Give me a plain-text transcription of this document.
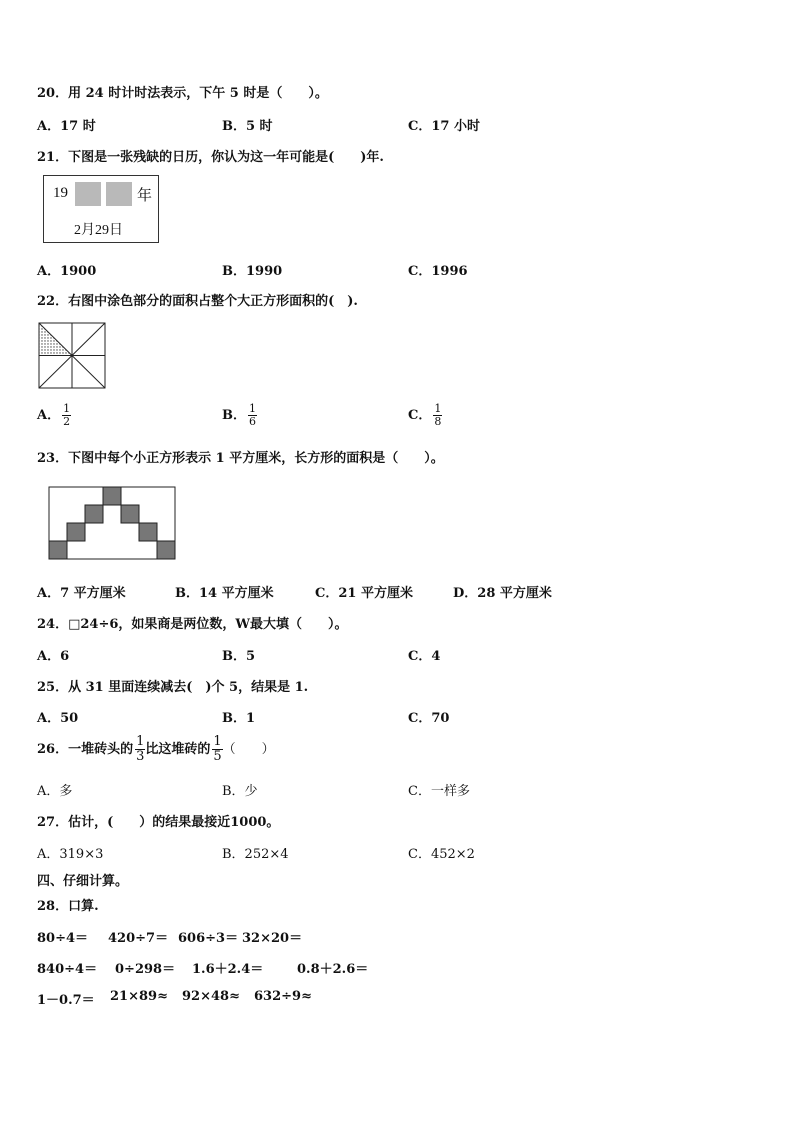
20．用 24 时计时法表示，下午 5 时是（　　）。
A．17 时	B．5 时	C．17 小时
21．下图是一张残缺的日历，你认为这一年可能是(　　)年.
19	年
2月29日
A．1900	B．1990	C．1996
22．右图中涂色部分的面积占整个大正方形面积的(　).
A． $\frac{1}{2}$	B． $\frac{1}{6}$	C． $\frac{1}{8}$
23．下图中每个小正方形表示 1 平方厘米，长方形的面积是（　　）。
A．7 平方厘米	B．14 平方厘米	C．21 平方厘米	D．28 平方厘米
24．□24÷6，如果商是两位数，W最大填（　　）。
A．6	B．5	C．4
25．从 31 里面连续减去(　)个 5，结果是 1.
A．50	B．1	C．70
26．一堆砖头的 $\frac{1}{3}$ 比这堆砖的 $\frac{1}{5}$ （　　）
A．多	B．少	C．一样多
27．估计，(　　）的结果最接近1000。
A．319×3	B．252×4	C．452×2
四、仔细计算。
28．口算.
80÷4＝ 420÷7＝ 606÷3＝ 32×20＝
840÷4＝ 0÷298＝ 1.6＋2.4＝	0.8＋2.6＝
1－0.7＝ 21×89≈ 92×48≈ 632÷9≈
